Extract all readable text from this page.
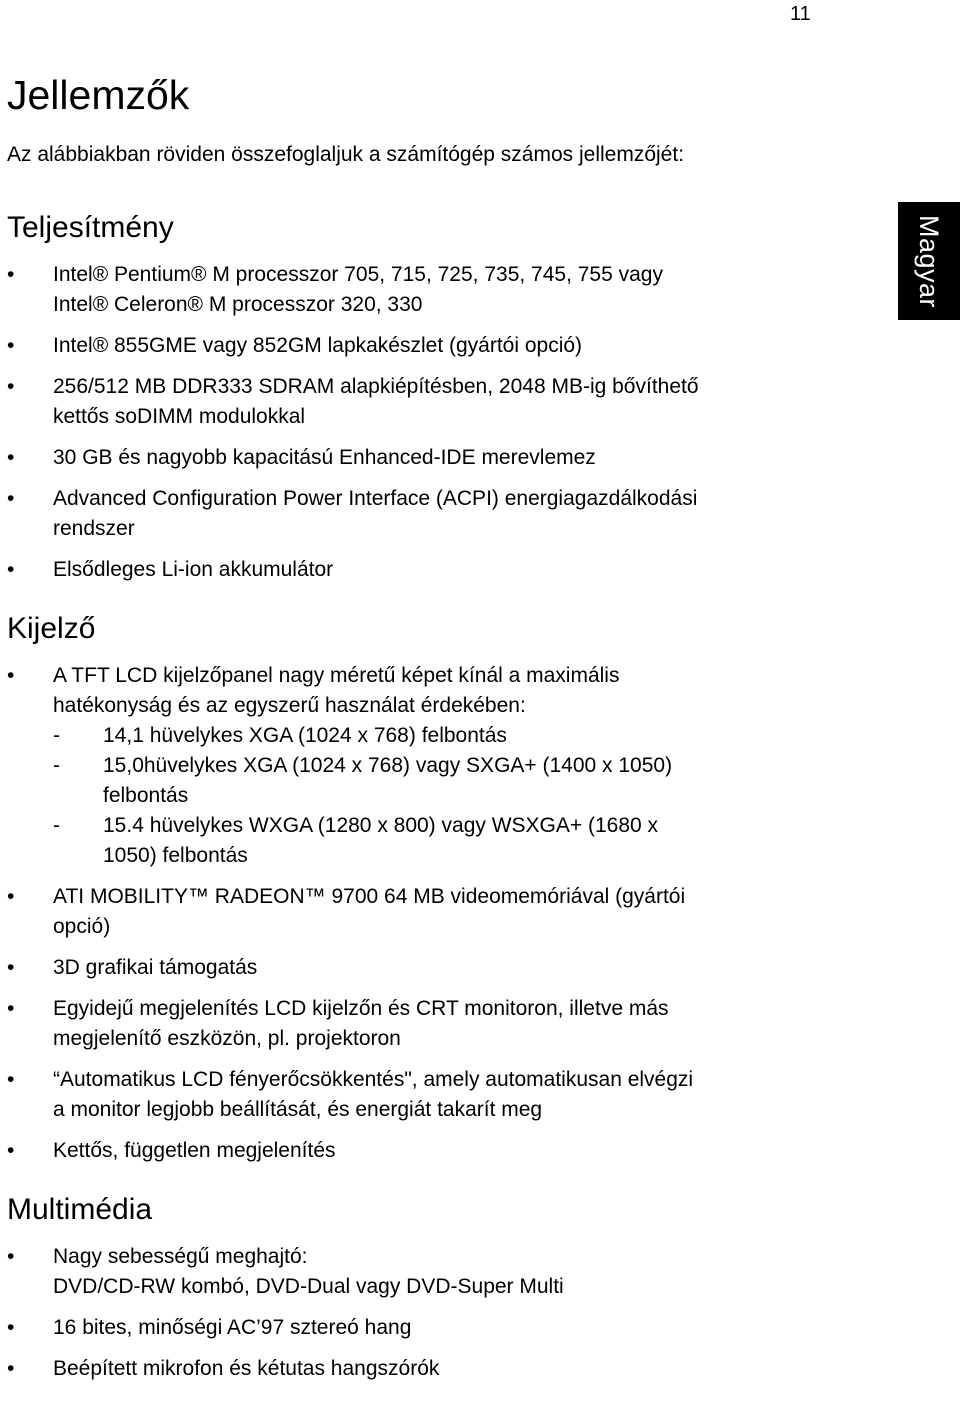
11
Magyar
Jellemzők

Az alábbiakban röviden összefoglaljuk a számítógép számos jellemzőjét:

Teljesítmény
•	Intel® Pentium® M processzor 705, 715, 725, 735, 745, 755 vagy
Intel® Celeron® M processzor 320, 330
•	Intel® 855GME vagy 852GM lapkakészlet (gyártói opció)
•	256/512 MB DDR333 SDRAM alapkiépítésben, 2048 MB-ig bővíthető
kettős soDIMM modulokkal
•	30 GB és nagyobb kapacitású Enhanced-IDE merevlemez
•	Advanced Configuration Power Interface (ACPI) energiagazdálkodási
rendszer
•	Elsődleges Li-ion akkumulátor
Kijelző
•	A TFT LCD kijelzőpanel nagy méretű képet kínál a maximális
hatékonyság és az egyszerű használat érdekében:
- 14,1 hüvelykes XGA (1024 x 768) felbontás
- 15,0hüvelykes XGA (1024 x 768) vagy SXGA+ (1400 x 1050)
felbontás
- 15.4 hüvelykes WXGA (1280 x 800) vagy WSXGA+ (1680 x
1050) felbontás
•	ATI MOBILITY™ RADEON™ 9700 64 MB videomemóriával (gyártói
opció)
•	3D grafikai támogatás
•	Egyidejű megjelenítés LCD kijelzőn és CRT monitoron, illetve más
megjelenítő eszközön, pl. projektoron
•	“Automatikus LCD fényerőcsökkentés", amely automatikusan elvégzi
a monitor legjobb beállítását, és energiát takarít meg
•	Kettős, független megjelenítés
Multimédia
•	Nagy sebességű meghajtó:
DVD/CD-RW kombó, DVD-Dual vagy DVD-Super Multi
•	16 bites, minőségi AC’97 sztereó hang
•	Beépített mikrofon és kétutas hangszórók
